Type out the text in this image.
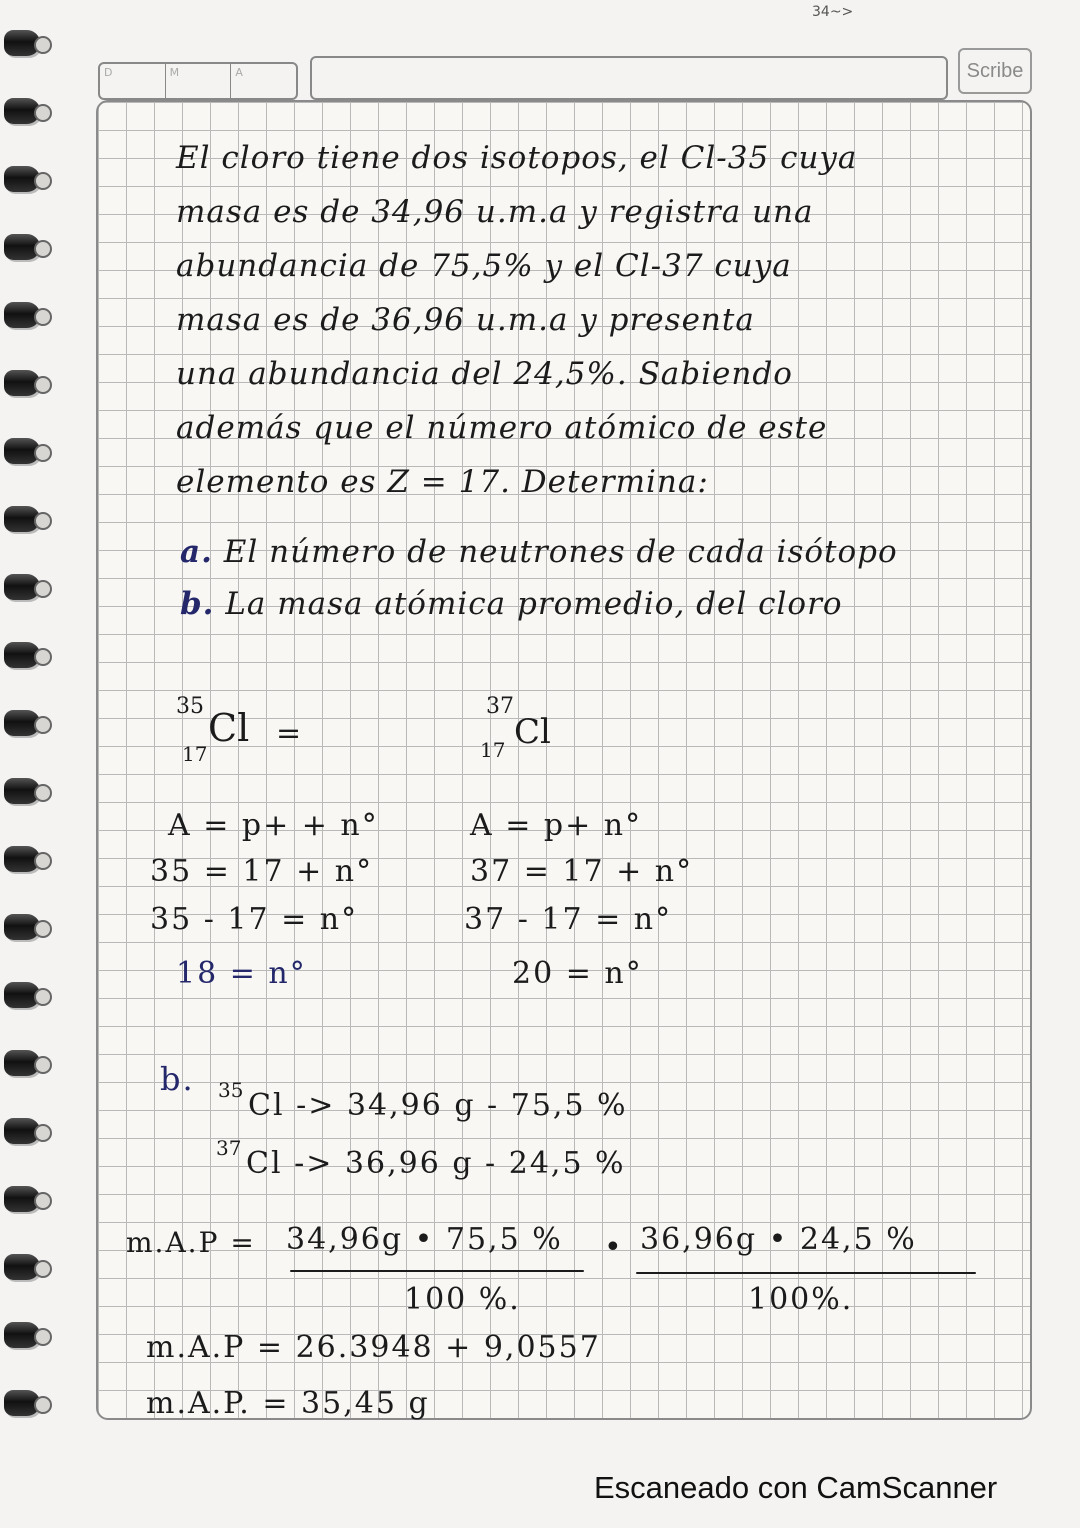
34~>
D	M	A	Scribe
El cloro tiene dos isotopos, el Cl-35 cuya
masa es de 34,96 u.m.a y registra una
abundancia de 75,5% y el Cl-37 cuya
masa es de 36,96 u.m.a y presenta
una abundancia del 24,5%. Sabiendo
además que el número atómico de este
elemento es Z = 17. Determina:
a. El número de neutrones de cada isótopo
b. La masa atómica promedio, del cloro
35
17
Cl =
37
17 Cl
A = p+ + n°
35 = 17 + n°
35 - 17 = n°
18 = n°
A = p+ n°
37 = 17 + n°
37 - 17 = n°
20 = n°
b. 35 Cl -> 34,96 g - 75,5 %
37 Cl -> 36,96 g - 24,5 %
m.A.P = 34,96g • 75,5 %
100 %.
• 36,96g • 24,5 %
100%.
m.A.P = 26.3948 + 9,0557
m.A.P. = 35,45 g
Escaneado con CamScanner
